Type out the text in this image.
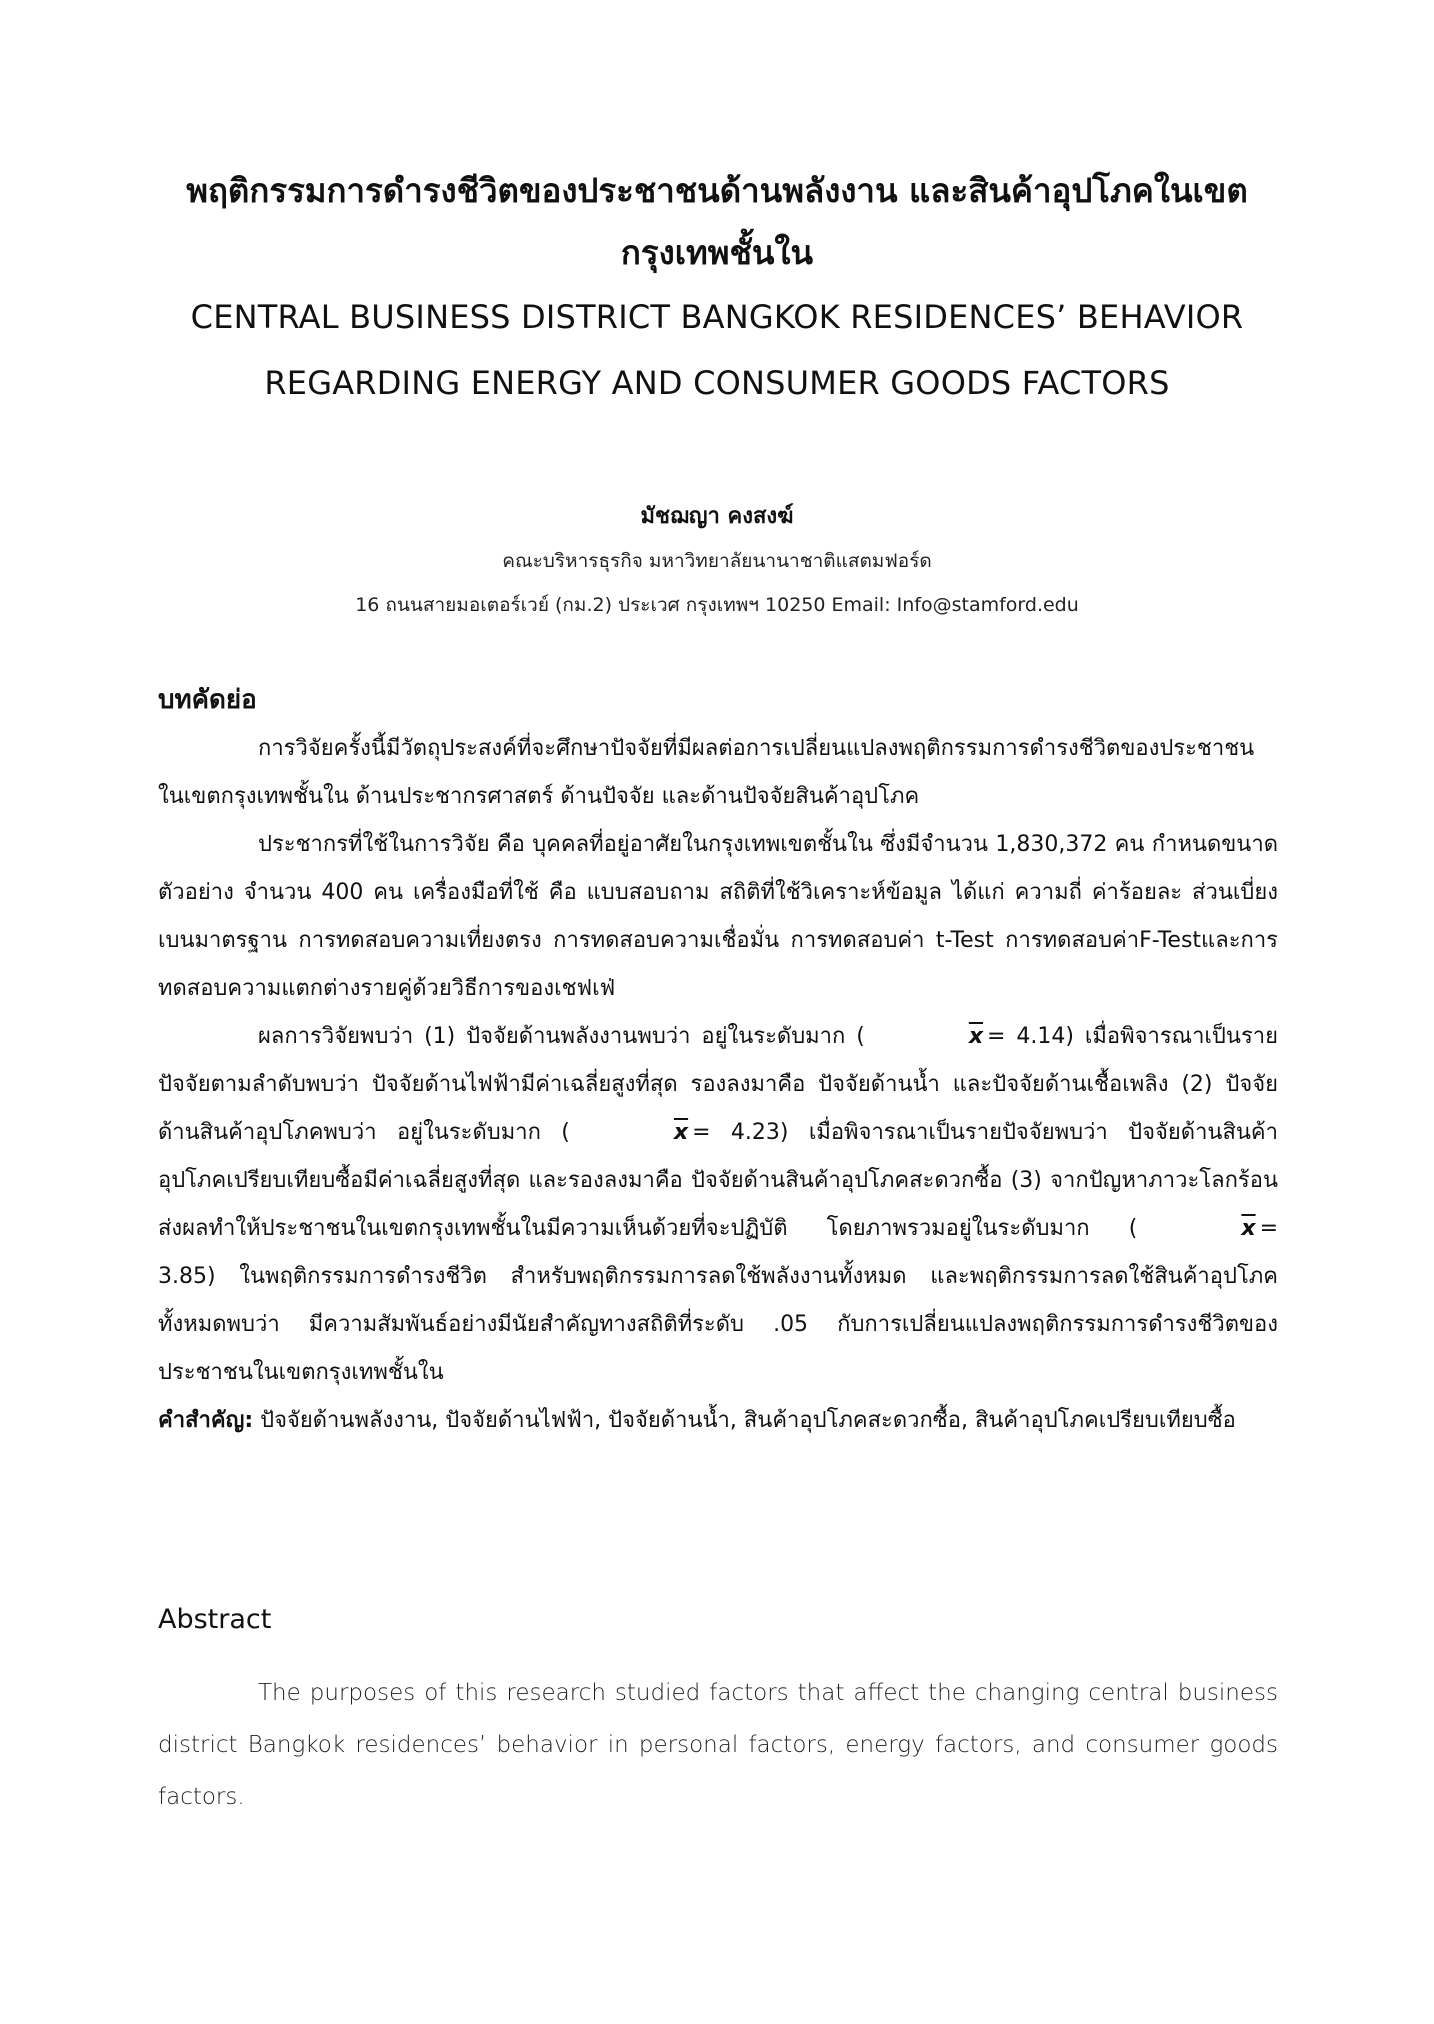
พฤติกรรมการดำรงชีวิตของประชาชนด้านพลังงาน และสินค้าอุปโภคในเขต

กรุงเทพชั้นใน

CENTRAL BUSINESS DISTRICT BANGKOK RESIDENCES’ BEHAVIOR

REGARDING ENERGY AND CONSUMER GOODS FACTORS

มัชฌญา คงสงฆ์
คณะบริหารธุรกิจ มหาวิทยาลัยนานาชาติแสตมฟอร์ด
16 ถนนสายมอเตอร์เวย์ (กม.2) ประเวศ กรุงเทพฯ 10250 Email: Info@stamford.edu

บทคัดย่อ

การวิจัยครั้งนี้มีวัตถุประสงค์ที่จะศึกษาปัจจัยที่มีผลต่อการเปลี่ยนแปลงพฤติกรรมการดำรงชีวิตของประชาชนในเขตกรุงเทพชั้นใน ด้านประชากรศาสตร์ ด้านปัจจัย และด้านปัจจัยสินค้าอุปโภค

ประชากรที่ใช้ในการวิจัย คือ บุคคลที่อยู่อาศัยในกรุงเทพเขตชั้นใน ซึ่งมีจำนวน 1,830,372 คน กำหนดขนาดตัวอย่าง จำนวน 400 คน เครื่องมือที่ใช้ คือ แบบสอบถาม สถิติที่ใช้วิเคราะห์ข้อมูล ได้แก่ ความถี่ ค่าร้อยละ ส่วนเบี่ยงเบนมาตรฐาน การทดสอบความเที่ยงตรง การทดสอบความเชื่อมั่น การทดสอบค่า t-Test การทดสอบค่าF-Testและการทดสอบความแตกต่างรายคู่ด้วยวิธีการของเชฟเฟ่

ผลการวิจัยพบว่า (1) ปัจจัยด้านพลังงานพบว่า อยู่ในระดับมาก (	$\overline{x} = 4.14$) เมื่อพิจารณาเป็นรายปัจจัยตามลำดับพบว่า ปัจจัยด้านไฟฟ้ามีค่าเฉลี่ยสูงที่สุด รองลงมาคือ ปัจจัยด้านน้ำ และปัจจัยด้านเชื้อเพลิง (2) ปัจจัยด้านสินค้าอุปโภคพบว่า อยู่ในระดับมาก (	$\overline{x} = 4.23$) เมื่อพิจารณาเป็นรายปัจจัยพบว่า ปัจจัยด้านสินค้าอุปโภคเปรียบเทียบซื้อมีค่าเฉลี่ยสูงที่สุด และรองลงมาคือ ปัจจัยด้านสินค้าอุปโภคสะดวกซื้อ (3) จากปัญหาภาวะโลกร้อนส่งผลทำให้ประชาชนในเขตกรุงเทพชั้นในมีความเห็นด้วยที่จะปฏิบัติ โดยภาพรวมอยู่ในระดับมาก (	$\overline{x} = 3.85$) ในพฤติกรรมการดำรงชีวิต สำหรับพฤติกรรมการลดใช้พลังงานทั้งหมด และพฤติกรรมการลดใช้สินค้าอุปโภคทั้งหมดพบว่า มีความสัมพันธ์อย่างมีนัยสำคัญทางสถิติที่ระดับ .05 กับการเปลี่ยนแปลงพฤติกรรมการดำรงชีวิตของประชาชนในเขตกรุงเทพชั้นใน

คำสำคัญ: ปัจจัยด้านพลังงาน, ปัจจัยด้านไฟฟ้า, ปัจจัยด้านน้ำ, สินค้าอุปโภคสะดวกซื้อ, สินค้าอุปโภคเปรียบเทียบซื้อ

Abstract

The purposes of this research studied factors that affect the changing central business district Bangkok residences’ behavior in personal factors, energy factors, and consumer goods factors.
